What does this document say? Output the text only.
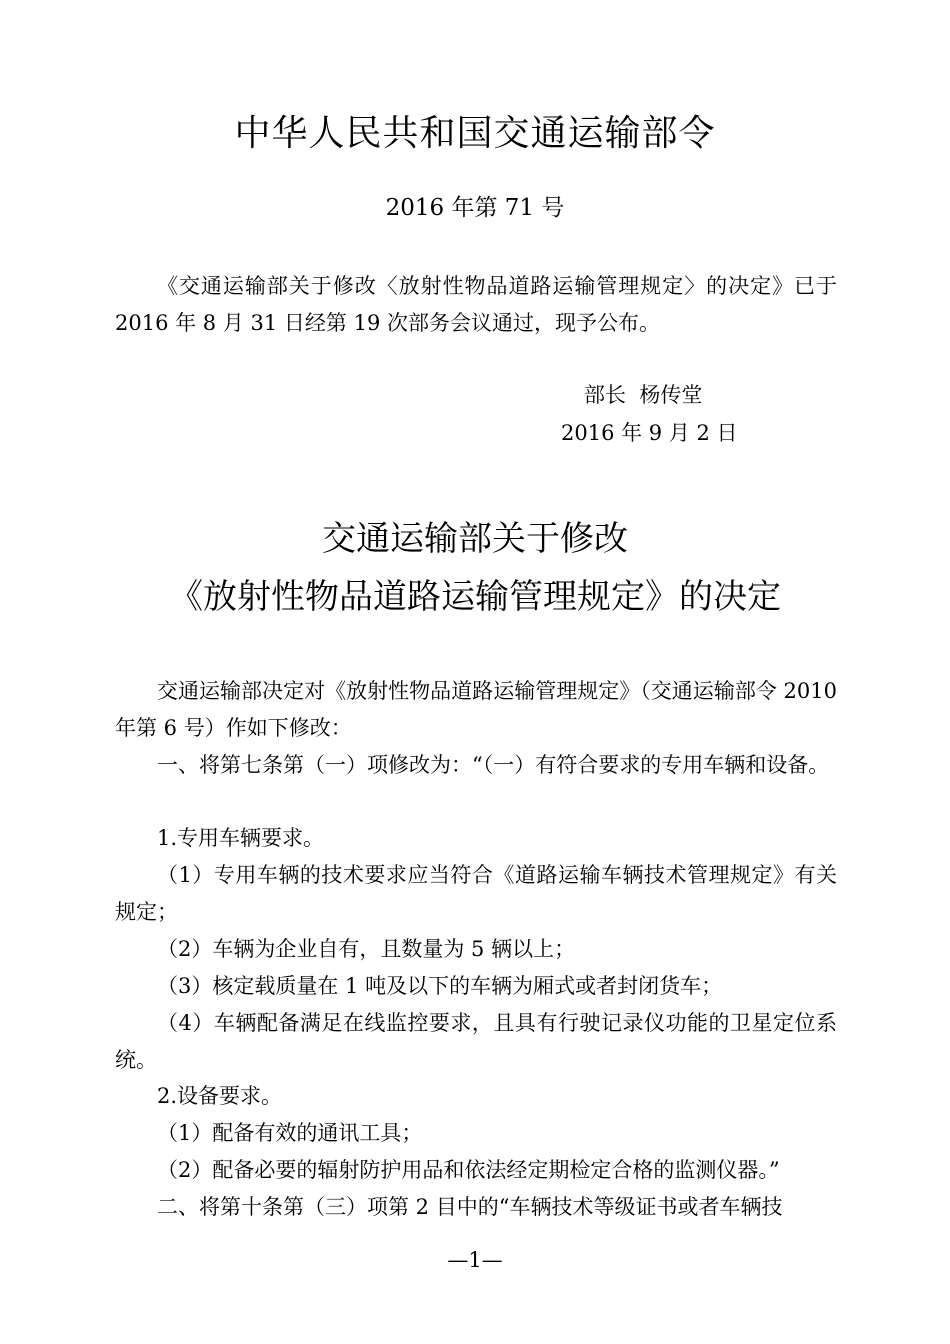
中华人民共和国交通运输部令
2016 年第 71 号

《交通运输部关于修改〈放射性物品道路运输管理规定〉的决定》已于 2016 年 8 月 31 日经第 19 次部务会议通过，现予公布。

部长  杨传堂
2016 年 9 月 2 日
交通运输部关于修改
《放射性物品道路运输管理规定》的决定

交通运输部决定对《放射性物品道路运输管理规定》（交通运输部令 2010 年第 6 号）作如下修改：

一、将第七条第（一）项修改为：“（一）有符合要求的专用车辆和设备。

1.专用车辆要求。

（1）专用车辆的技术要求应当符合《道路运输车辆技术管理规定》有关规定；

（2）车辆为企业自有，且数量为 5 辆以上；

（3）核定载质量在 1 吨及以下的车辆为厢式或者封闭货车；

（4）车辆配备满足在线监控要求，且具有行驶记录仪功能的卫星定位系统。

2.设备要求。

（1）配备有效的通讯工具；

（2）配备必要的辐射防护用品和依法经定期检定合格的监测仪器。”

二、将第十条第（三）项第 2 目中的“车辆技术等级证书或者车辆技

—1—
